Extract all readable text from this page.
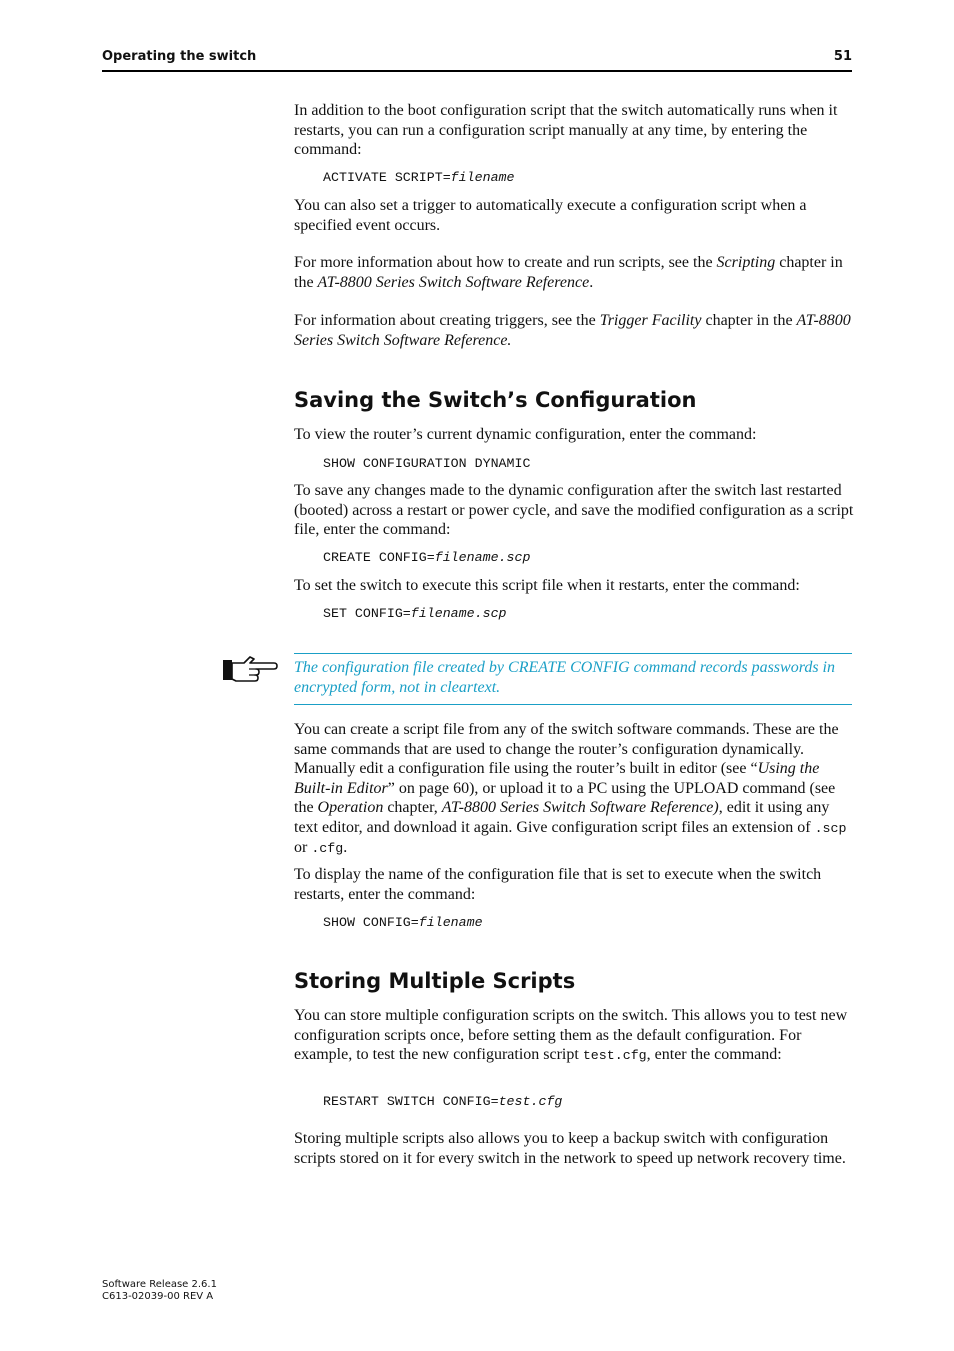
Operating the switch	51

In addition to the boot configuration script that the switch automatically runs when it restarts, you can run a configuration script manually at any time, by entering the command:

ACTIVATE SCRIPT=filename

You can also set a trigger to automatically execute a configuration script when a specified event occurs.

For more information about how to create and run scripts, see the Scripting chapter in the AT-8800 Series Switch Software Reference.

For information about creating triggers, see the Trigger Facility chapter in the AT-8800 Series Switch Software Reference.

Saving the Switch’s Configuration

To view the router’s current dynamic configuration, enter the command:

SHOW CONFIGURATION DYNAMIC

To save any changes made to the dynamic configuration after the switch last restarted (booted) across a restart or power cycle, and save the modified configuration as a script file, enter the command:

CREATE CONFIG=filename.scp

To set the switch to execute this script file when it restarts, enter the command:

SET CONFIG=filename.scp

The configuration file created by CREATE CONFIG command records passwords in encrypted form, not in cleartext.

You can create a script file from any of the switch software commands. These are the same commands that are used to change the router’s configuration dynamically. Manually edit a configuration file using the router’s built in editor (see “Using the Built-in Editor” on page 60), or upload it to a PC using the UPLOAD command (see the Operation chapter, AT-8800 Series Switch Software Reference), edit it using any text editor, and download it again. Give configuration script files an extension of .scp or .cfg.

To display the name of the configuration file that is set to execute when the switch restarts, enter the command:

SHOW CONFIG=filename

Storing Multiple Scripts

You can store multiple configuration scripts on the switch. This allows you to test new configuration scripts once, before setting them as the default configuration. For example, to test the new configuration script test.cfg, enter the command:

RESTART SWITCH CONFIG=test.cfg

Storing multiple scripts also allows you to keep a backup switch with configuration scripts stored on it for every switch in the network to speed up network recovery time.

Software Release 2.6.1
C613-02039-00 REV A
